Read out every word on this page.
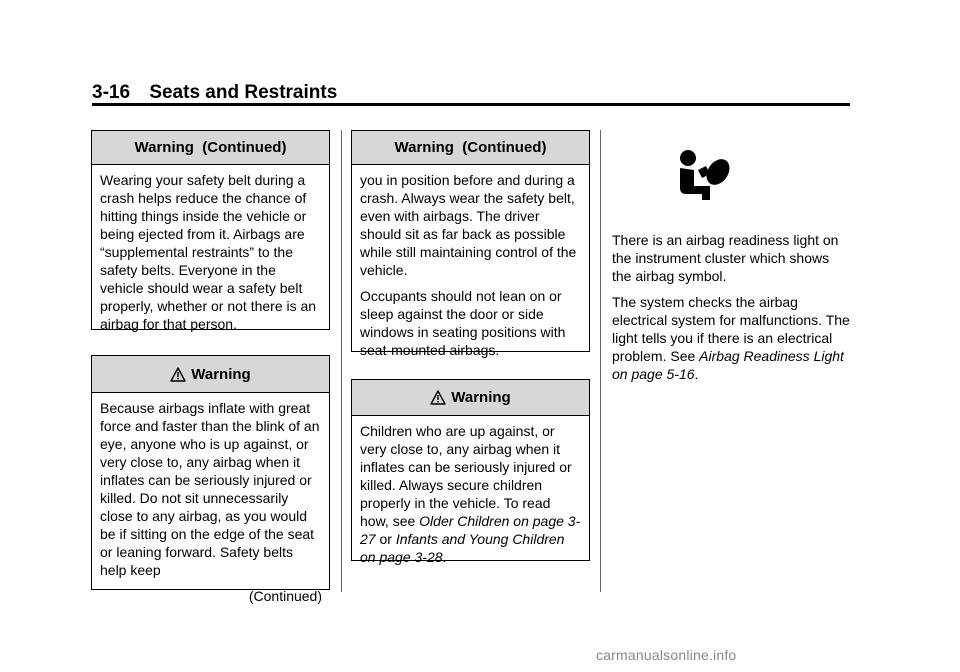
3-16 Seats and Restraints
Warning  (Continued)

Wearing your safety belt during a crash helps reduce the chance of hitting things inside the vehicle or being ejected from it. Airbags are “supplemental restraints” to the safety belts. Everyone in the vehicle should wear a safety belt properly, whether or not there is an airbag for that person.

Warning

Because airbags inflate with great force and faster than the blink of an eye, anyone who is up against, or very close to, any airbag when it inflates can be seriously injured or killed. Do not sit unnecessarily close to any airbag, as you would be if sitting on the edge of the seat or leaning forward. Safety belts help keep

(Continued)
Warning  (Continued)

you in position before and during a crash. Always wear the safety belt, even with airbags. The driver should sit as far back as possible while still maintaining control of the vehicle.

Occupants should not lean on or sleep against the door or side windows in seating positions with seat-mounted airbags.

Warning

Children who are up against, or very close to, any airbag when it inflates can be seriously injured or killed. Always secure children properly in the vehicle. To read how, see Older Children on page 3-27 or Infants and Young Children on page 3-28.

There is an airbag readiness light on the instrument cluster which shows the airbag symbol.

The system checks the airbag electrical system for malfunctions. The light tells you if there is an electrical problem. See Airbag Readiness Light on page 5-16.

carmanualsonline.info
